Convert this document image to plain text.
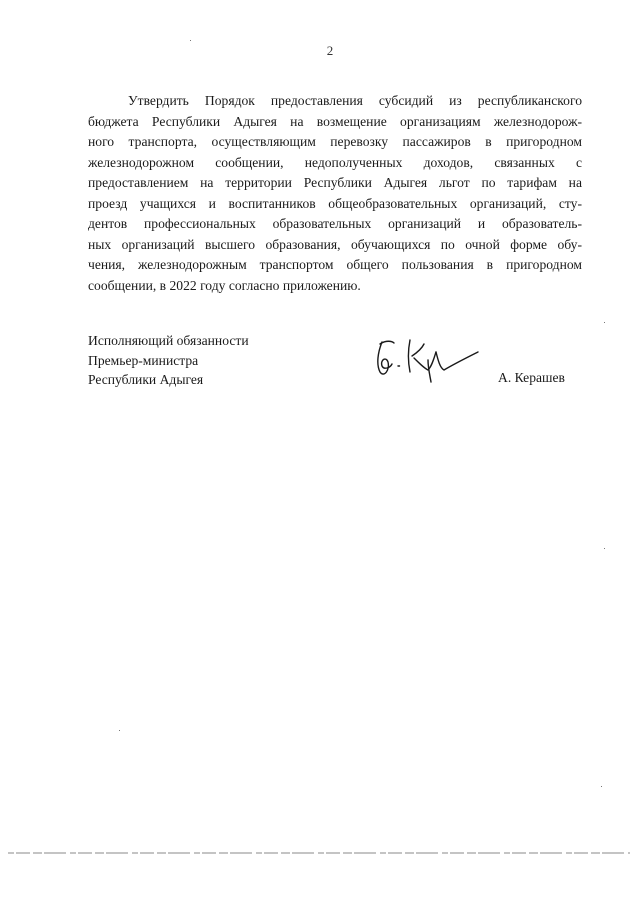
2
Утвердить Порядок предоставления субсидий из республиканского
бюджета Республики Адыгея на возмещение организациям железнодорож-
ного транспорта, осуществляющим перевозку пассажиров в пригородном
железнодорожном сообщении, недополученных доходов, связанных с
предоставлением на территории Республики Адыгея льгот по тарифам на
проезд учащихся и воспитанников общеобразовательных организаций, сту-
дентов профессиональных образовательных организаций и образователь-
ных организаций высшего образования, обучающихся по очной форме обу-
чения, железнодорожным транспортом общего пользования в пригородном
сообщении, в 2022 году согласно приложению.
Исполняющий обязанности
Премьер-министра
Республики Адыгея	А. Керашев
